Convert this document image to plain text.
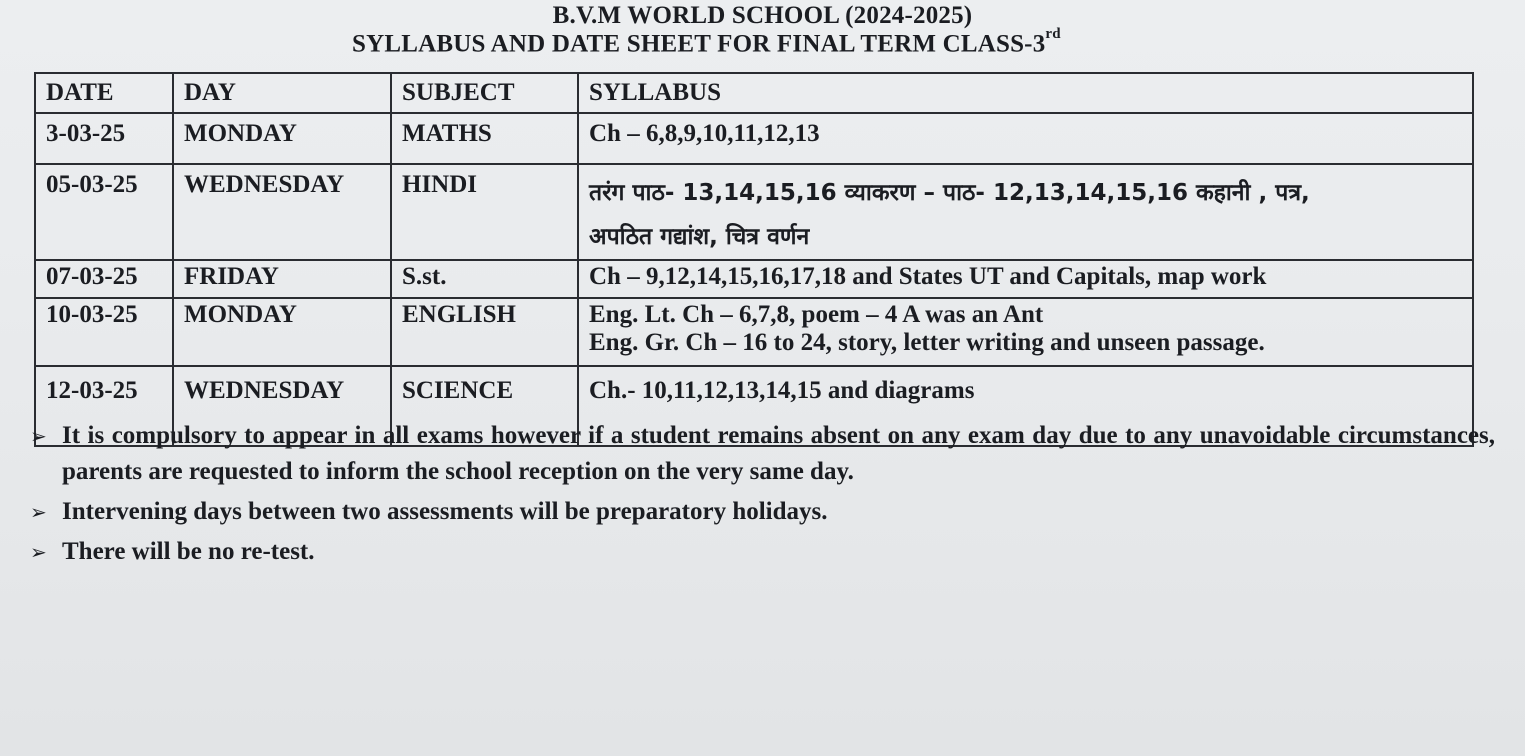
B.V.M WORLD SCHOOL (2024-2025)
SYLLABUS AND DATE SHEET FOR FINAL TERM CLASS-3rd
DATE	DAY	SUBJECT	SYLLABUS
3-03-25	MONDAY	MATHS	Ch – 6,8,9,10,11,12,13

05-03-25	WEDNESDAY	HINDI	तरंग पाठ- 13,14,15,16 व्याकरण – पाठ- 12,13,14,15,16 कहानी , पत्र,
अपठित गद्यांश, चित्र वर्णन

07-03-25	FRIDAY	S.st.	Ch – 9,12,14,15,16,17,18 and States UT and Capitals, map work

10-03-25	MONDAY	ENGLISH	Eng. Lt. Ch – 6,7,8, poem – 4 A was an Ant
Eng. Gr. Ch – 16 to 24, story, letter writing and unseen passage.

12-03-25	WEDNESDAY	SCIENCE	Ch.- 10,11,12,13,14,15 and diagrams
➢ It is compulsory to appear in all exams however if a student remains absent on any exam day due to any unavoidable circumstances, parents are requested to inform the school reception on the very same day.
➢ Intervening days between two assessments will be preparatory holidays.
➢ There will be no re-test.
